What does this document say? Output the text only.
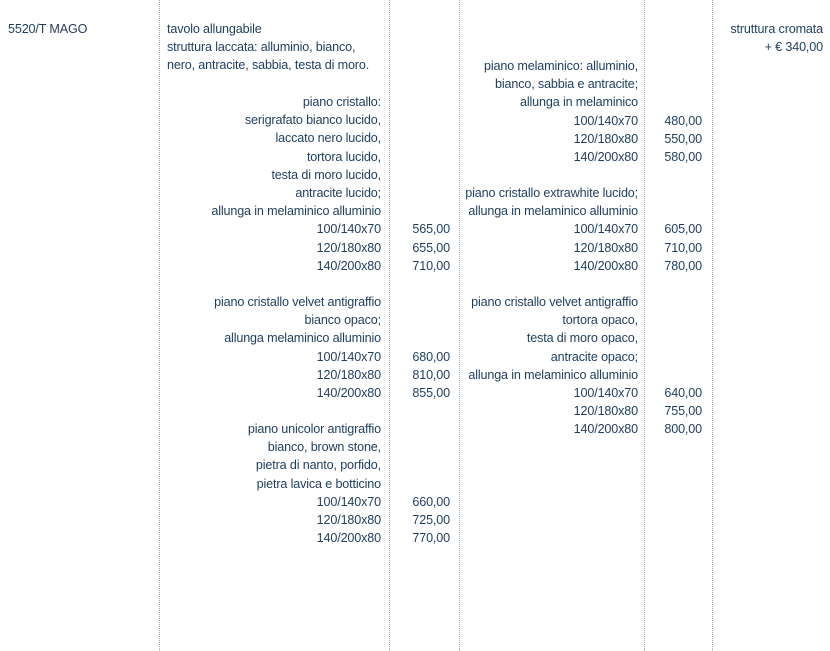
5520/T MAGO	tavolo allungabile
struttura laccata: alluminio, bianco,
nero, antracite, sabbia, testa di moro.
struttura cromata
+ € 340,00
piano cristallo:
serigrafato bianco lucido,
laccato nero lucido,
tortora lucido,
testa di moro lucido,
antracite lucido;
allunga in melaminico alluminio
100/140x70
120/180x80
140/200x80
565,00
655,00
710,00
piano cristallo velvet antigraffio
bianco opaco;
allunga melaminico alluminio
100/140x70
120/180x80
140/200x80
680,00
810,00
855,00
piano unicolor antigraffio
bianco, brown stone,
pietra di nanto, porfido,
pietra lavica e botticino
100/140x70
120/180x80
140/200x80
660,00
725,00
770,00
piano melaminico: alluminio,
bianco, sabbia e antracite;
allunga in melaminico
100/140x70
120/180x80
140/200x80
480,00
550,00
580,00
piano cristallo extrawhite lucido;
allunga in melaminico alluminio
100/140x70
120/180x80
140/200x80
605,00
710,00
780,00
piano cristallo velvet antigraffio
tortora opaco,
testa di moro opaco,
antracite opaco;
allunga in melaminico alluminio
100/140x70
120/180x80
140/200x80
640,00
755,00
800,00
